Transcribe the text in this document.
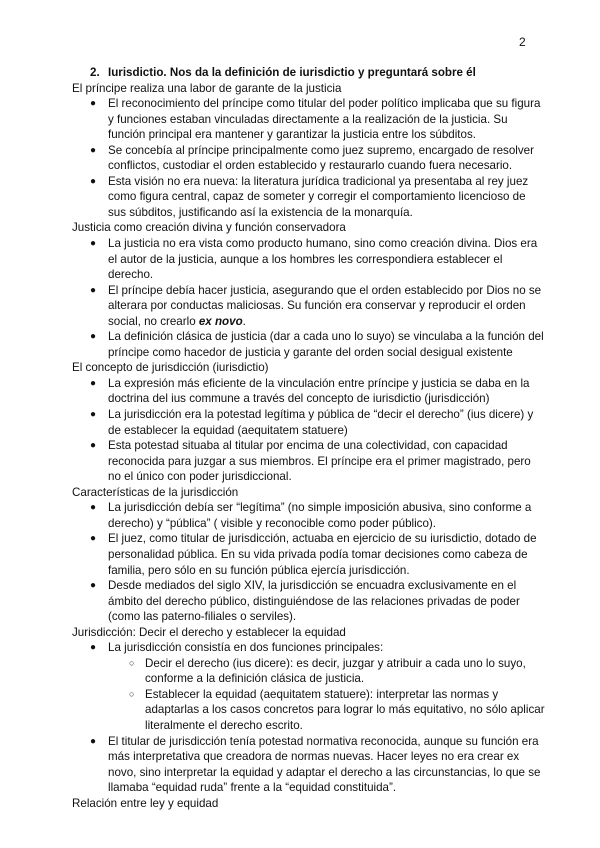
2
2. Iurisdictio. Nos da la definición de iurisdictio y preguntará sobre él
El príncipe realiza una labor de garante de la justicia
● El reconocimiento del príncipe como titular del poder político implicaba que su figura
y funciones estaban vinculadas directamente a la realización de la justicia. Su
función principal era mantener y garantizar la justicia entre los súbditos.
● Se concebía al príncipe principalmente como juez supremo, encargado de resolver
conflictos, custodiar el orden establecido y restaurarlo cuando fuera necesario.
● Esta visión no era nueva: la literatura jurídica tradicional ya presentaba al rey juez
como figura central, capaz de someter y corregir el comportamiento licencioso de
sus súbditos, justificando así la existencia de la monarquía.
Justicia como creación divina y función conservadora
● La justicia no era vista como producto humano, sino como creación divina. Dios era
el autor de la justicia, aunque a los hombres les correspondiera establecer el
derecho.
● El príncipe debía hacer justicia, asegurando que el orden establecido por Dios no se
alterara por conductas maliciosas. Su función era conservar y reproducir el orden
social, no crearlo ex novo.
● La definición clásica de justicia (dar a cada uno lo suyo) se vinculaba a la función del
príncipe como hacedor de justicia y garante del orden social desigual existente
El concepto de jurisdicción (iurisdictio)
● La expresión más eficiente de la vinculación entre príncipe y justicia se daba en la
doctrina del ius commune a través del concepto de iurisdictio (jurisdicción)
● La jurisdicción era la potestad legítima y pública de “decir el derecho” (ius dicere) y
de establecer la equidad (aequitatem statuere)
● Esta potestad situaba al titular por encima de una colectividad, con capacidad
reconocida para juzgar a sus miembros. El príncipe era el primer magistrado, pero
no el único con poder jurisdiccional.
Características de la jurisdicción
● La jurisdicción debía ser “legítima” (no simple imposición abusiva, sino conforme a
derecho) y “pública” ( visible y reconocible como poder público).
● El juez, como titular de jurisdicción, actuaba en ejercicio de su iurisdictio, dotado de
personalidad pública. En su vida privada podía tomar decisiones como cabeza de
familia, pero sólo en su función pública ejercía jurisdicción.
● Desde mediados del siglo XIV, la jurisdicción se encuadra exclusivamente en el
ámbito del derecho público, distinguiéndose de las relaciones privadas de poder
(como las paterno-filiales o serviles).
Jurisdicción: Decir el derecho y establecer la equidad
● La jurisdicción consistía en dos funciones principales:
○ Decir el derecho (ius dicere): es decir, juzgar y atribuir a cada uno lo suyo,
conforme a la definición clásica de justicia.
○ Establecer la equidad (aequitatem statuere): interpretar las normas y
adaptarlas a los casos concretos para lograr lo más equitativo, no sólo aplicar
literalmente el derecho escrito.
● El titular de jurisdicción tenía potestad normativa reconocida, aunque su función era
más interpretativa que creadora de normas nuevas. Hacer leyes no era crear ex
novo, sino interpretar la equidad y adaptar el derecho a las circunstancias, lo que se
llamaba “equidad ruda” frente a la “equidad constituida”.
Relación entre ley y equidad
